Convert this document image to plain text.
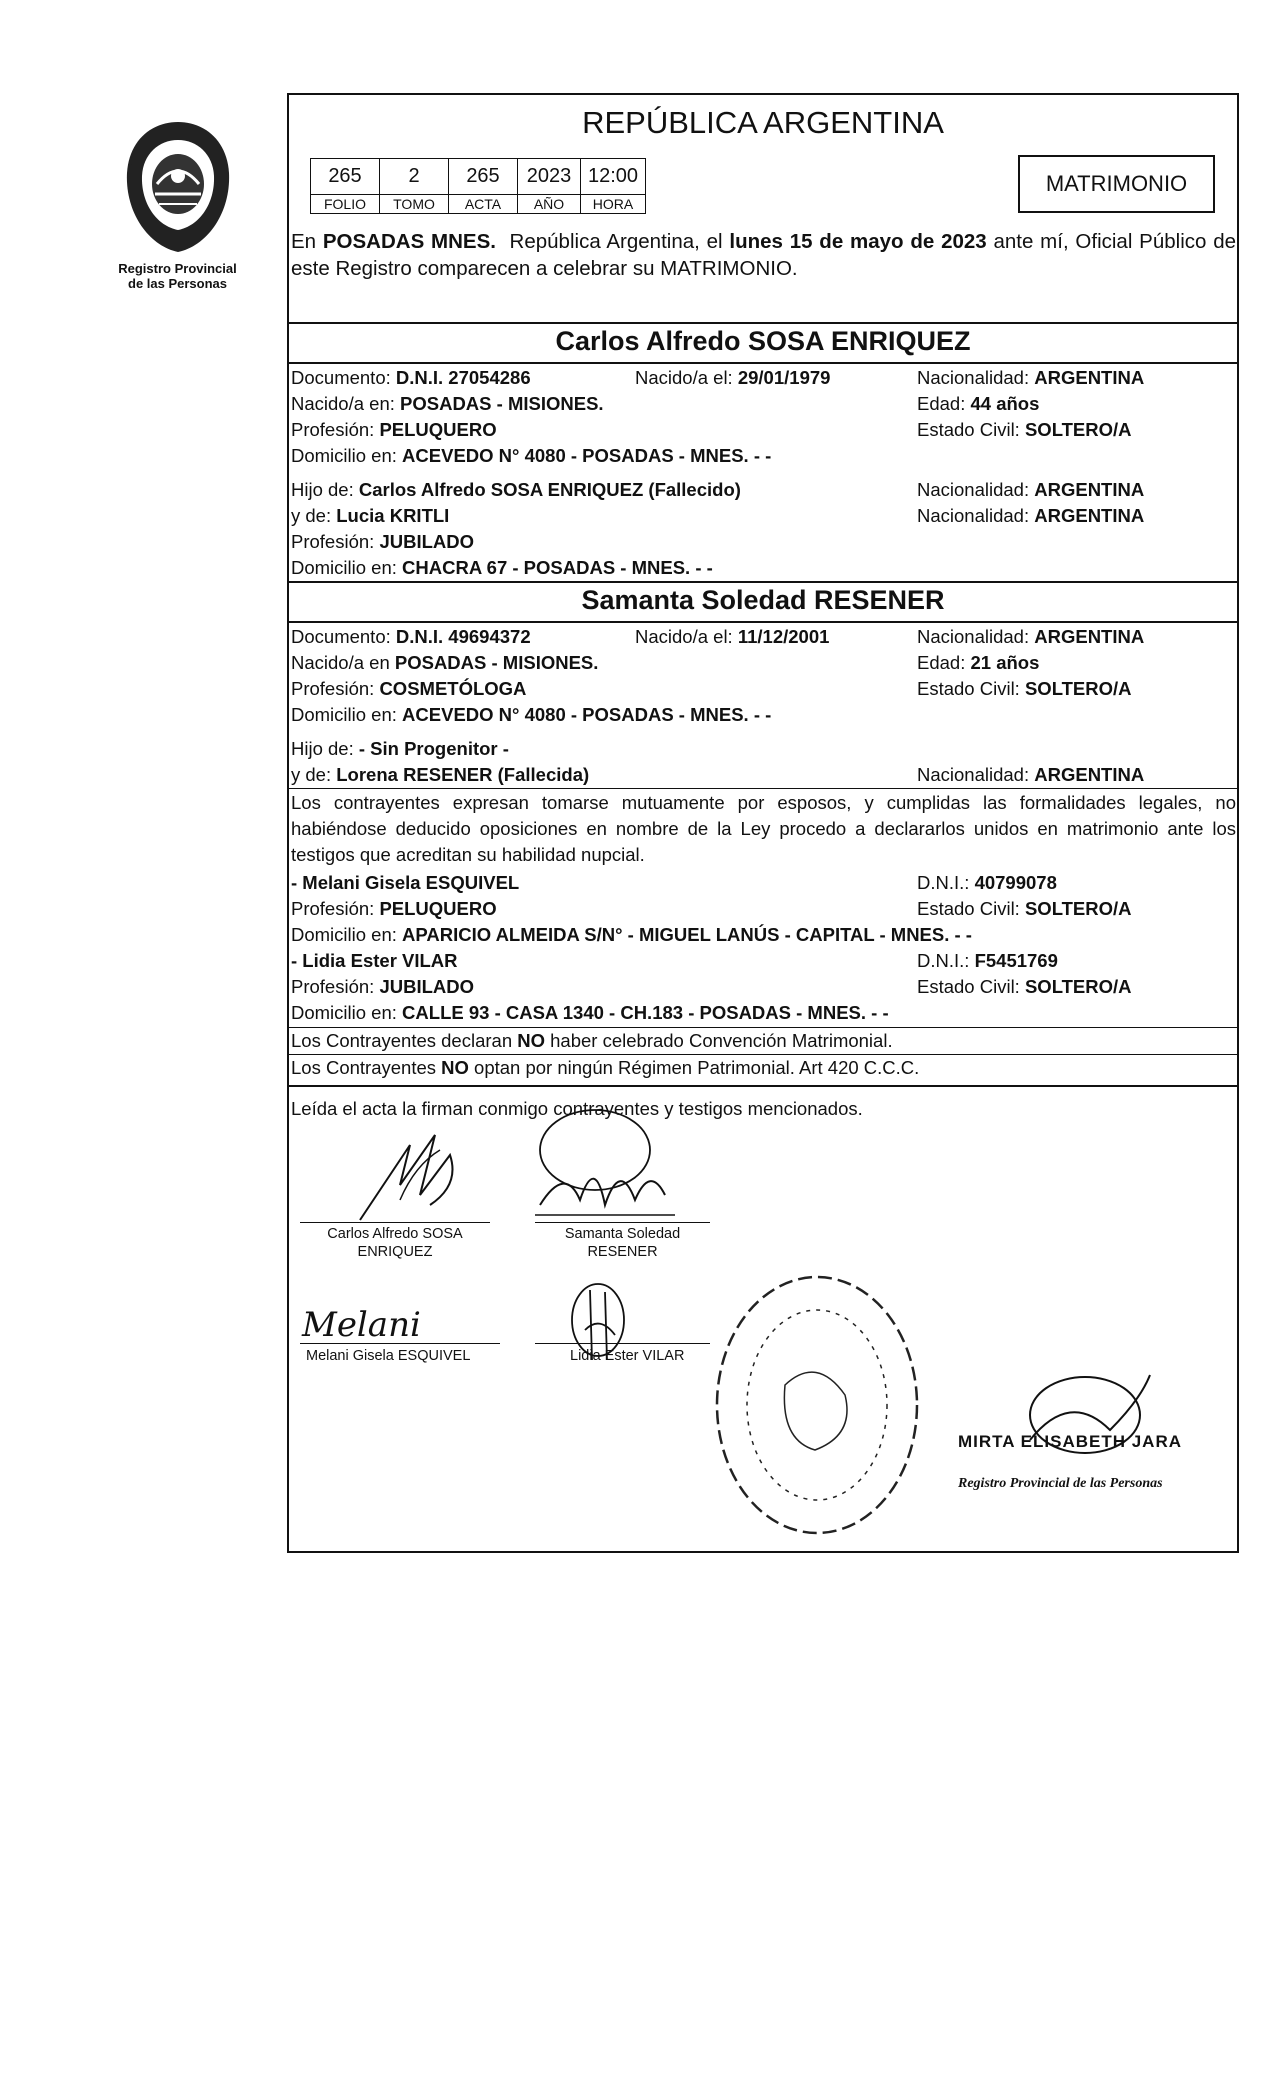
Registro Provincial
de las Personas
REPÚBLICA ARGENTINA
265	2	265	2023	12:00
FOLIO	TOMO	ACTA	AÑO	HORA
MATRIMONIO
En POSADAS MNES.  República Argentina, el lunes 15 de mayo de 2023 ante mí, Oficial Público de este Registro comparecen a celebrar su MATRIMONIO.
Carlos Alfredo SOSA ENRIQUEZ
Documento: D.N.I. 27054286	Nacido/a el: 29/01/1979	Nacionalidad: ARGENTINA
Nacido/a en: POSADAS - MISIONES.	Edad: 44 años
Profesión: PELUQUERO	Estado Civil: SOLTERO/A
Domicilio en: ACEVEDO N° 4080 - POSADAS - MNES. - -
Hijo de: Carlos Alfredo SOSA ENRIQUEZ (Fallecido)	Nacionalidad: ARGENTINA
y de: Lucia KRITLI	Nacionalidad: ARGENTINA
Profesión: JUBILADO
Domicilio en: CHACRA 67 - POSADAS - MNES. - -
Samanta Soledad RESENER
Documento: D.N.I. 49694372	Nacido/a el: 11/12/2001	Nacionalidad: ARGENTINA
Nacido/a en POSADAS - MISIONES.	Edad: 21 años
Profesión: COSMETÓLOGA	Estado Civil: SOLTERO/A
Domicilio en: ACEVEDO N° 4080 - POSADAS - MNES. - -
Hijo de: - Sin Progenitor -
y de: Lorena RESENER (Fallecida)	Nacionalidad: ARGENTINA
Los contrayentes expresan tomarse mutuamente por esposos, y cumplidas las formalidades legales, no habiéndose deducido oposiciones en nombre de la Ley procedo a declararlos unidos en matrimonio ante los testigos que acreditan su habilidad nupcial.
- Melani Gisela ESQUIVEL	D.N.I.: 40799078
Profesión: PELUQUERO	Estado Civil: SOLTERO/A
Domicilio en: APARICIO ALMEIDA S/N° - MIGUEL LANÚS - CAPITAL - MNES. - -
- Lidia Ester VILAR	D.N.I.: F5451769
Profesión: JUBILADO	Estado Civil: SOLTERO/A
Domicilio en: CALLE 93 - CASA 1340 - CH.183 - POSADAS - MNES. - -
Los Contrayentes declaran NO haber celebrado Convención Matrimonial.
Los Contrayentes NO optan por ningún Régimen Patrimonial. Art 420 C.C.C.
Leída el acta la firman conmigo contrayentes y testigos mencionados.
Carlos Alfredo SOSA
ENRIQUEZ
Samanta Soledad
RESENER
Melani
Melani Gisela ESQUIVEL	Lidia Ester VILAR
MIRTA ELISABETH JARA
Registro Provincial de las Personas
